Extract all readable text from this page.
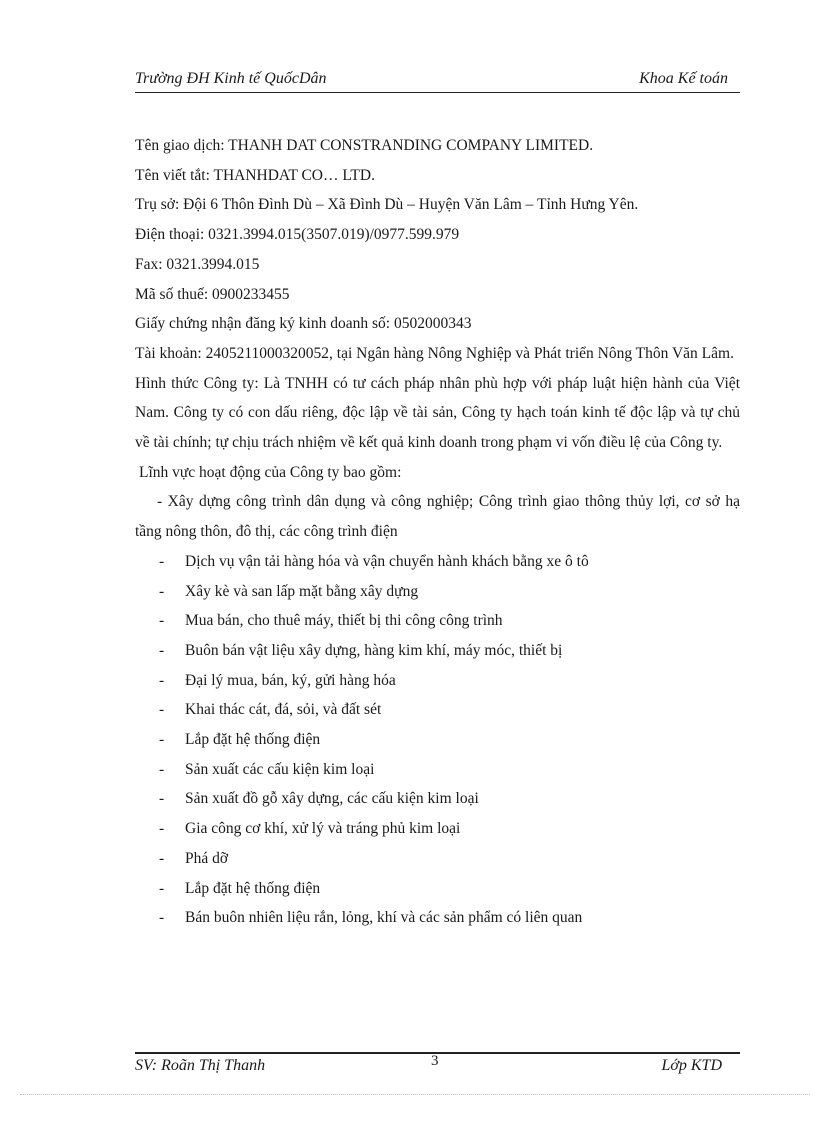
Trường ĐH Kinh tế QuốcDân	Khoa Kế toán

Tên giao dịch: THANH DAT CONSTRANDING COMPANY LIMITED.

Tên viết tắt: THANHDAT CO… LTD.

Trụ sở: Đội 6 Thôn Đình Dù – Xã Đình Dù – Huyện Văn Lâm – Tỉnh Hưng Yên.

Điện thoại: 0321.3994.015(3507.019)/0977.599.979

Fax: 0321.3994.015

Mã số thuế: 0900233455

Giấy chứng nhận đăng ký kinh doanh số: 0502000343

Tài khoản: 2405211000320052, tại Ngân hàng Nông Nghiệp và Phát triển Nông Thôn Văn Lâm.

Hình thức Công ty: Là TNHH có tư cách pháp nhân phù hợp với pháp luật hiện hành của Việt Nam. Công ty có con dấu riêng, độc lập về tài sản, Công ty hạch toán kinh tế độc lập và tự chủ về tài chính; tự chịu trách nhiệm về kết quả kinh doanh trong phạm vi vốn điều lệ của Công ty.

Lĩnh vực hoạt động của Công ty bao gồm:

- Xây dựng công trình dân dụng và công nghiệp; Công trình giao thông thủy lợi, cơ sở hạ tầng nông thôn, đô thị, các công trình điện

- Dịch vụ vận tải hàng hóa và vận chuyển hành khách bằng xe ô tô

- Xây kè và san lấp mặt bằng xây dựng

- Mua bán, cho thuê máy, thiết bị thi công công trình

- Buôn bán vật liệu xây dựng, hàng kim khí, máy móc, thiết bị

- Đại lý mua, bán, ký, gửi hàng hóa

- Khai thác cát, đá, sỏi, và đất sét

- Lắp đặt hệ thống điện

- Sản xuất các cấu kiện kim loại

- Sản xuất đồ gỗ xây dựng, các cấu kiện kim loại

- Gia công cơ khí, xử lý và tráng phủ kim loại

- Phá dỡ

- Lắp đặt hệ thống điện

- Bán buôn nhiên liệu rắn, lỏng, khí và các sản phẩm có liên quan

SV: Roãn Thị Thanh	3	Lớp KTD
